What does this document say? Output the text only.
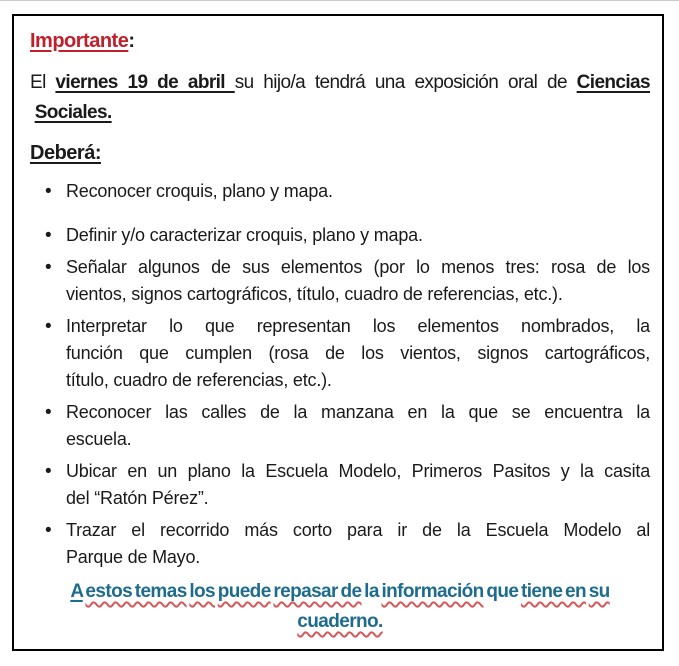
Importante:
El viernes 19 de abril su hijo/a tendrá una exposición oral de Ciencias
Sociales.
Deberá:
• Reconocer croquis, plano y mapa.
• Definir y/o caracterizar croquis, plano y mapa.
• Señalar algunos de sus elementos (por lo menos tres: rosa de los
vientos, signos cartográficos, título, cuadro de referencias, etc.).
• Interpretar lo que representan los elementos nombrados, la
función que cumplen (rosa de los vientos, signos cartográficos,
título, cuadro de referencias, etc.).
• Reconocer las calles de la manzana en la que se encuentra la
escuela.
• Ubicar en un plano la Escuela Modelo, Primeros Pasitos y la casita
del “Ratón Pérez”.
• Trazar el recorrido más corto para ir de la Escuela Modelo al
Parque de Mayo.
A estos temas los puede repasar de la información que tiene en su
cuaderno.
